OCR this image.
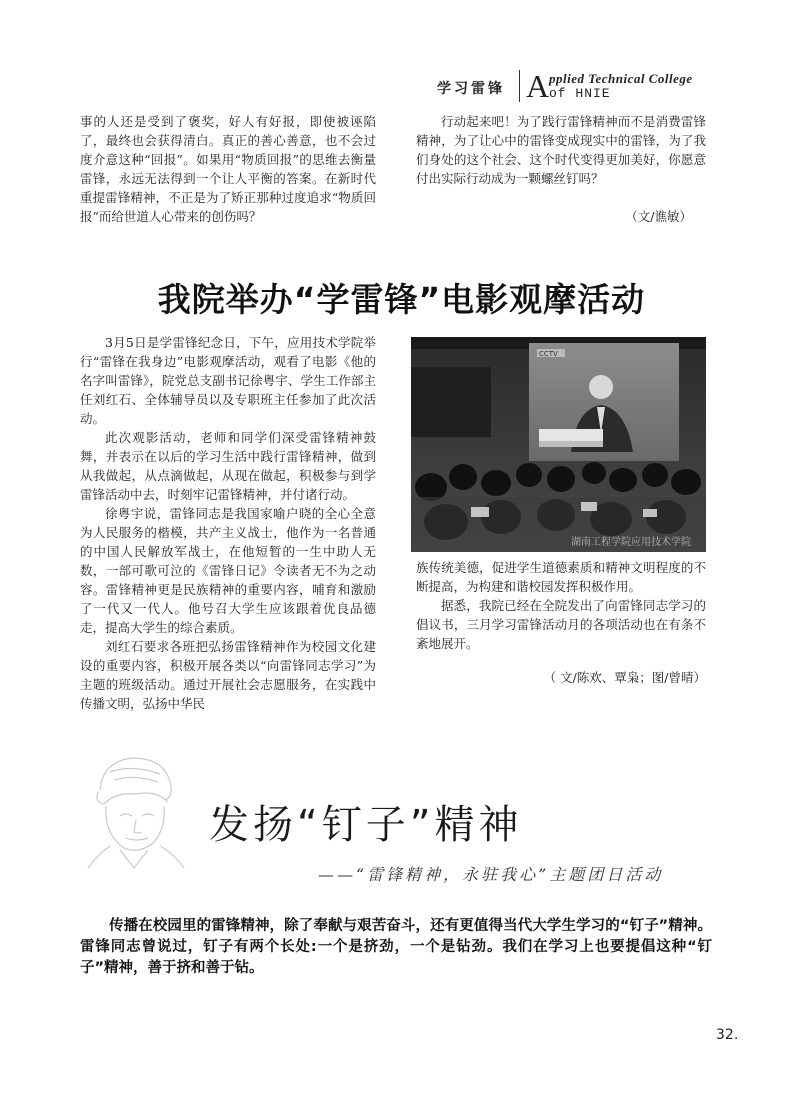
学习雷锋 A pplied Technical College
of HNIE
事的人还是受到了褒奖，好人有好报，即使被诬陷了，最终也会获得清白。真正的善心善意，也不会过度介意这种“回报”。如果用“物质回报”的思维去衡量雷锋，永远无法得到一个让人平衡的答案。在新时代重提雷锋精神，不正是为了矫正那种过度追求“物质回报”而给世道人心带来的创伤吗？
行动起来吧！为了践行雷锋精神而不是消费雷锋精神，为了让心中的雷锋变成现实中的雷锋，为了我们身处的这个社会、这个时代变得更加美好，你愿意付出实际行动成为一颗螺丝钉吗？
（文/谯敏）
我院举办“学雷锋”电影观摩活动

3月5日是学雷锋纪念日，下午，应用技术学院举行“雷锋在我身边”电影观摩活动，观看了电影《他的名字叫雷锋》，院党总支副书记徐粤宇、学生工作部主任刘红石、全体辅导员以及专职班主任参加了此次活动。

此次观影活动，老师和同学们深受雷锋精神鼓舞，并表示在以后的学习生活中践行雷锋精神，做到从我做起，从点滴做起，从现在做起，积极参与到学雷锋活动中去，时刻牢记雷锋精神，并付诸行动。

徐粤宇说，雷锋同志是我国家喻户晓的全心全意为人民服务的楷模，共产主义战士，他作为一名普通的中国人民解放军战士，在他短暂的一生中助人无数，一部可歌可泣的《雷锋日记》令读者无不为之动容。雷锋精神更是民族精神的重要内容，哺育和激励了一代又一代人。他号召大学生应该跟着优良品德走，提高大学生的综合素质。

刘红石要求各班把弘扬雷锋精神作为校园文化建设的重要内容，积极开展各类以“向雷锋同志学习”为主题的班级活动。通过开展社会志愿服务，在实践中传播文明，弘扬中华民

CCTV
湖南工程学院应用技术学院

族传统美德，促进学生道德素质和精神文明程度的不断提高，为构建和谐校园发挥积极作用。

据悉，我院已经在全院发出了向雷锋同志学习的倡议书，三月学习雷锋活动月的各项活动也在有条不紊地展开。

（ 文/陈欢、覃枭；图/曾晴）
发扬“钉子”精神
——“雷锋精神，永驻我心”主题团日活动
传播在校园里的雷锋精神，除了奉献与艰苦奋斗，还有更值得当代大学生学习的“钉子”精神。雷锋同志曾说过，钉子有两个长处:一个是挤劲，一个是钻劲。我们在学习上也要提倡这种“钉子”精神，善于挤和善于钻。
32.
